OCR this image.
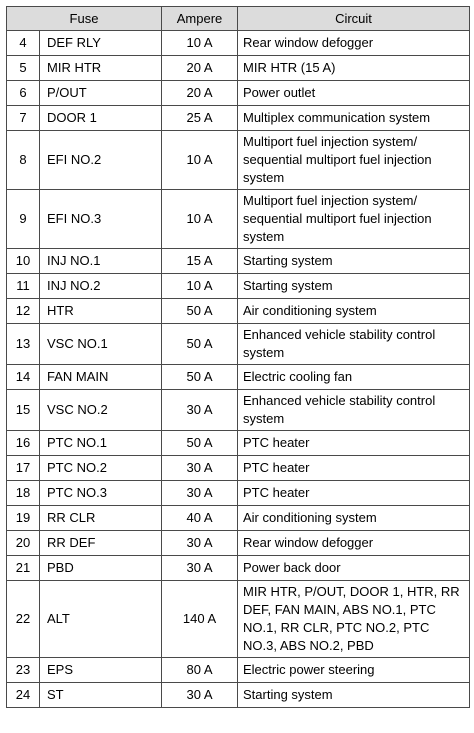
Fuse		Ampere	Circuit
4	DEF RLY	10 A	Rear window defogger
5	MIR HTR	20 A	MIR HTR (15 A)
6	P/OUT	20 A	Power outlet
7	DOOR 1	25 A	Multiplex communication system
8	EFI NO.2	10 A	Multiport fuel injection system/ sequential multiport fuel injection system
9	EFI NO.3	10 A	Multiport fuel injection system/ sequential multiport fuel injection system
10	INJ NO.1	15 A	Starting system
11	INJ NO.2	10 A	Starting system
12	HTR	50 A	Air conditioning system
13	VSC NO.1	50 A	Enhanced vehicle stability control system
14	FAN MAIN	50 A	Electric cooling fan
15	VSC NO.2	30 A	Enhanced vehicle stability control system
16	PTC NO.1	50 A	PTC heater
17	PTC NO.2	30 A	PTC heater
18	PTC NO.3	30 A	PTC heater
19	RR CLR	40 A	Air conditioning system
20	RR DEF	30 A	Rear window defogger
21	PBD	30 A	Power back door
22	ALT	140 A	MIR HTR, P/OUT, DOOR 1, HTR, RR DEF, FAN MAIN, ABS NO.1, PTC NO.1, RR CLR, PTC NO.2, PTC NO.3, ABS NO.2, PBD
23	EPS	80 A	Electric power steering
24	ST	30 A	Starting system
